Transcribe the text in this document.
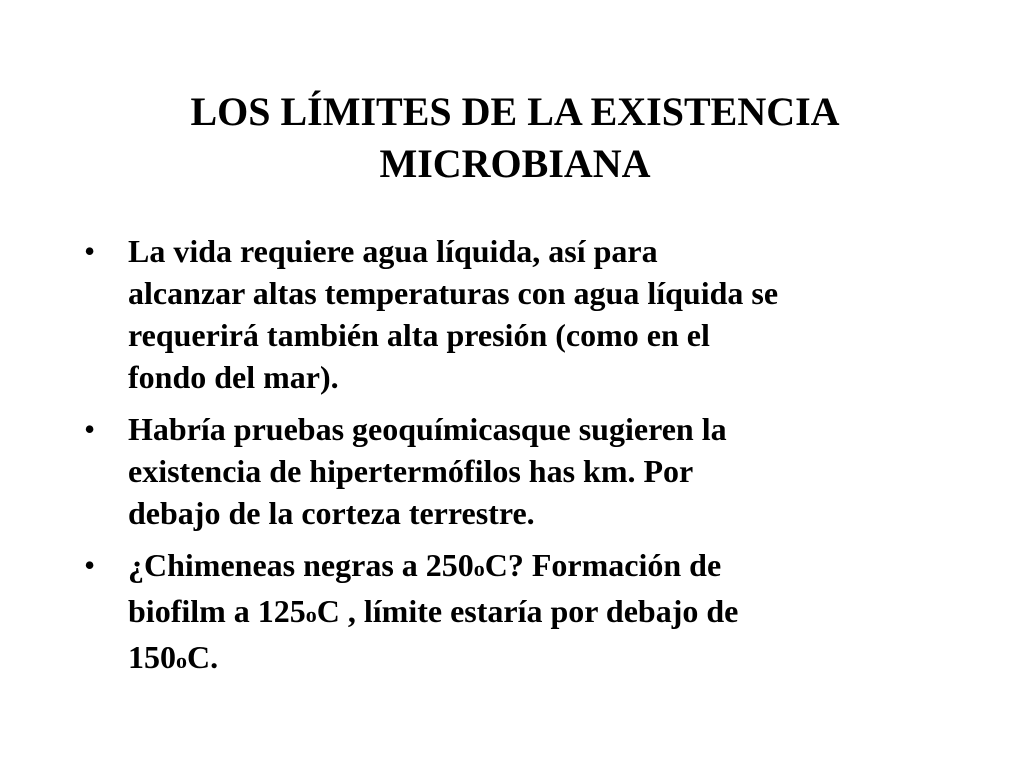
LOS LÍMITES DE LA EXISTENCIA
MICROBIANA
• La vida requiere agua líquida, así para
alcanzar altas temperaturas con agua líquida se
requerirá también alta presión (como en el
fondo del mar).
• Habría pruebas geoquímicasque sugieren la
existencia de hipertermófilos has km. Por
debajo de la corteza terrestre.
• ¿Chimeneas negras a 250oC? Formación de
biofilm a 125oC , límite estaría por debajo de
150oC.
